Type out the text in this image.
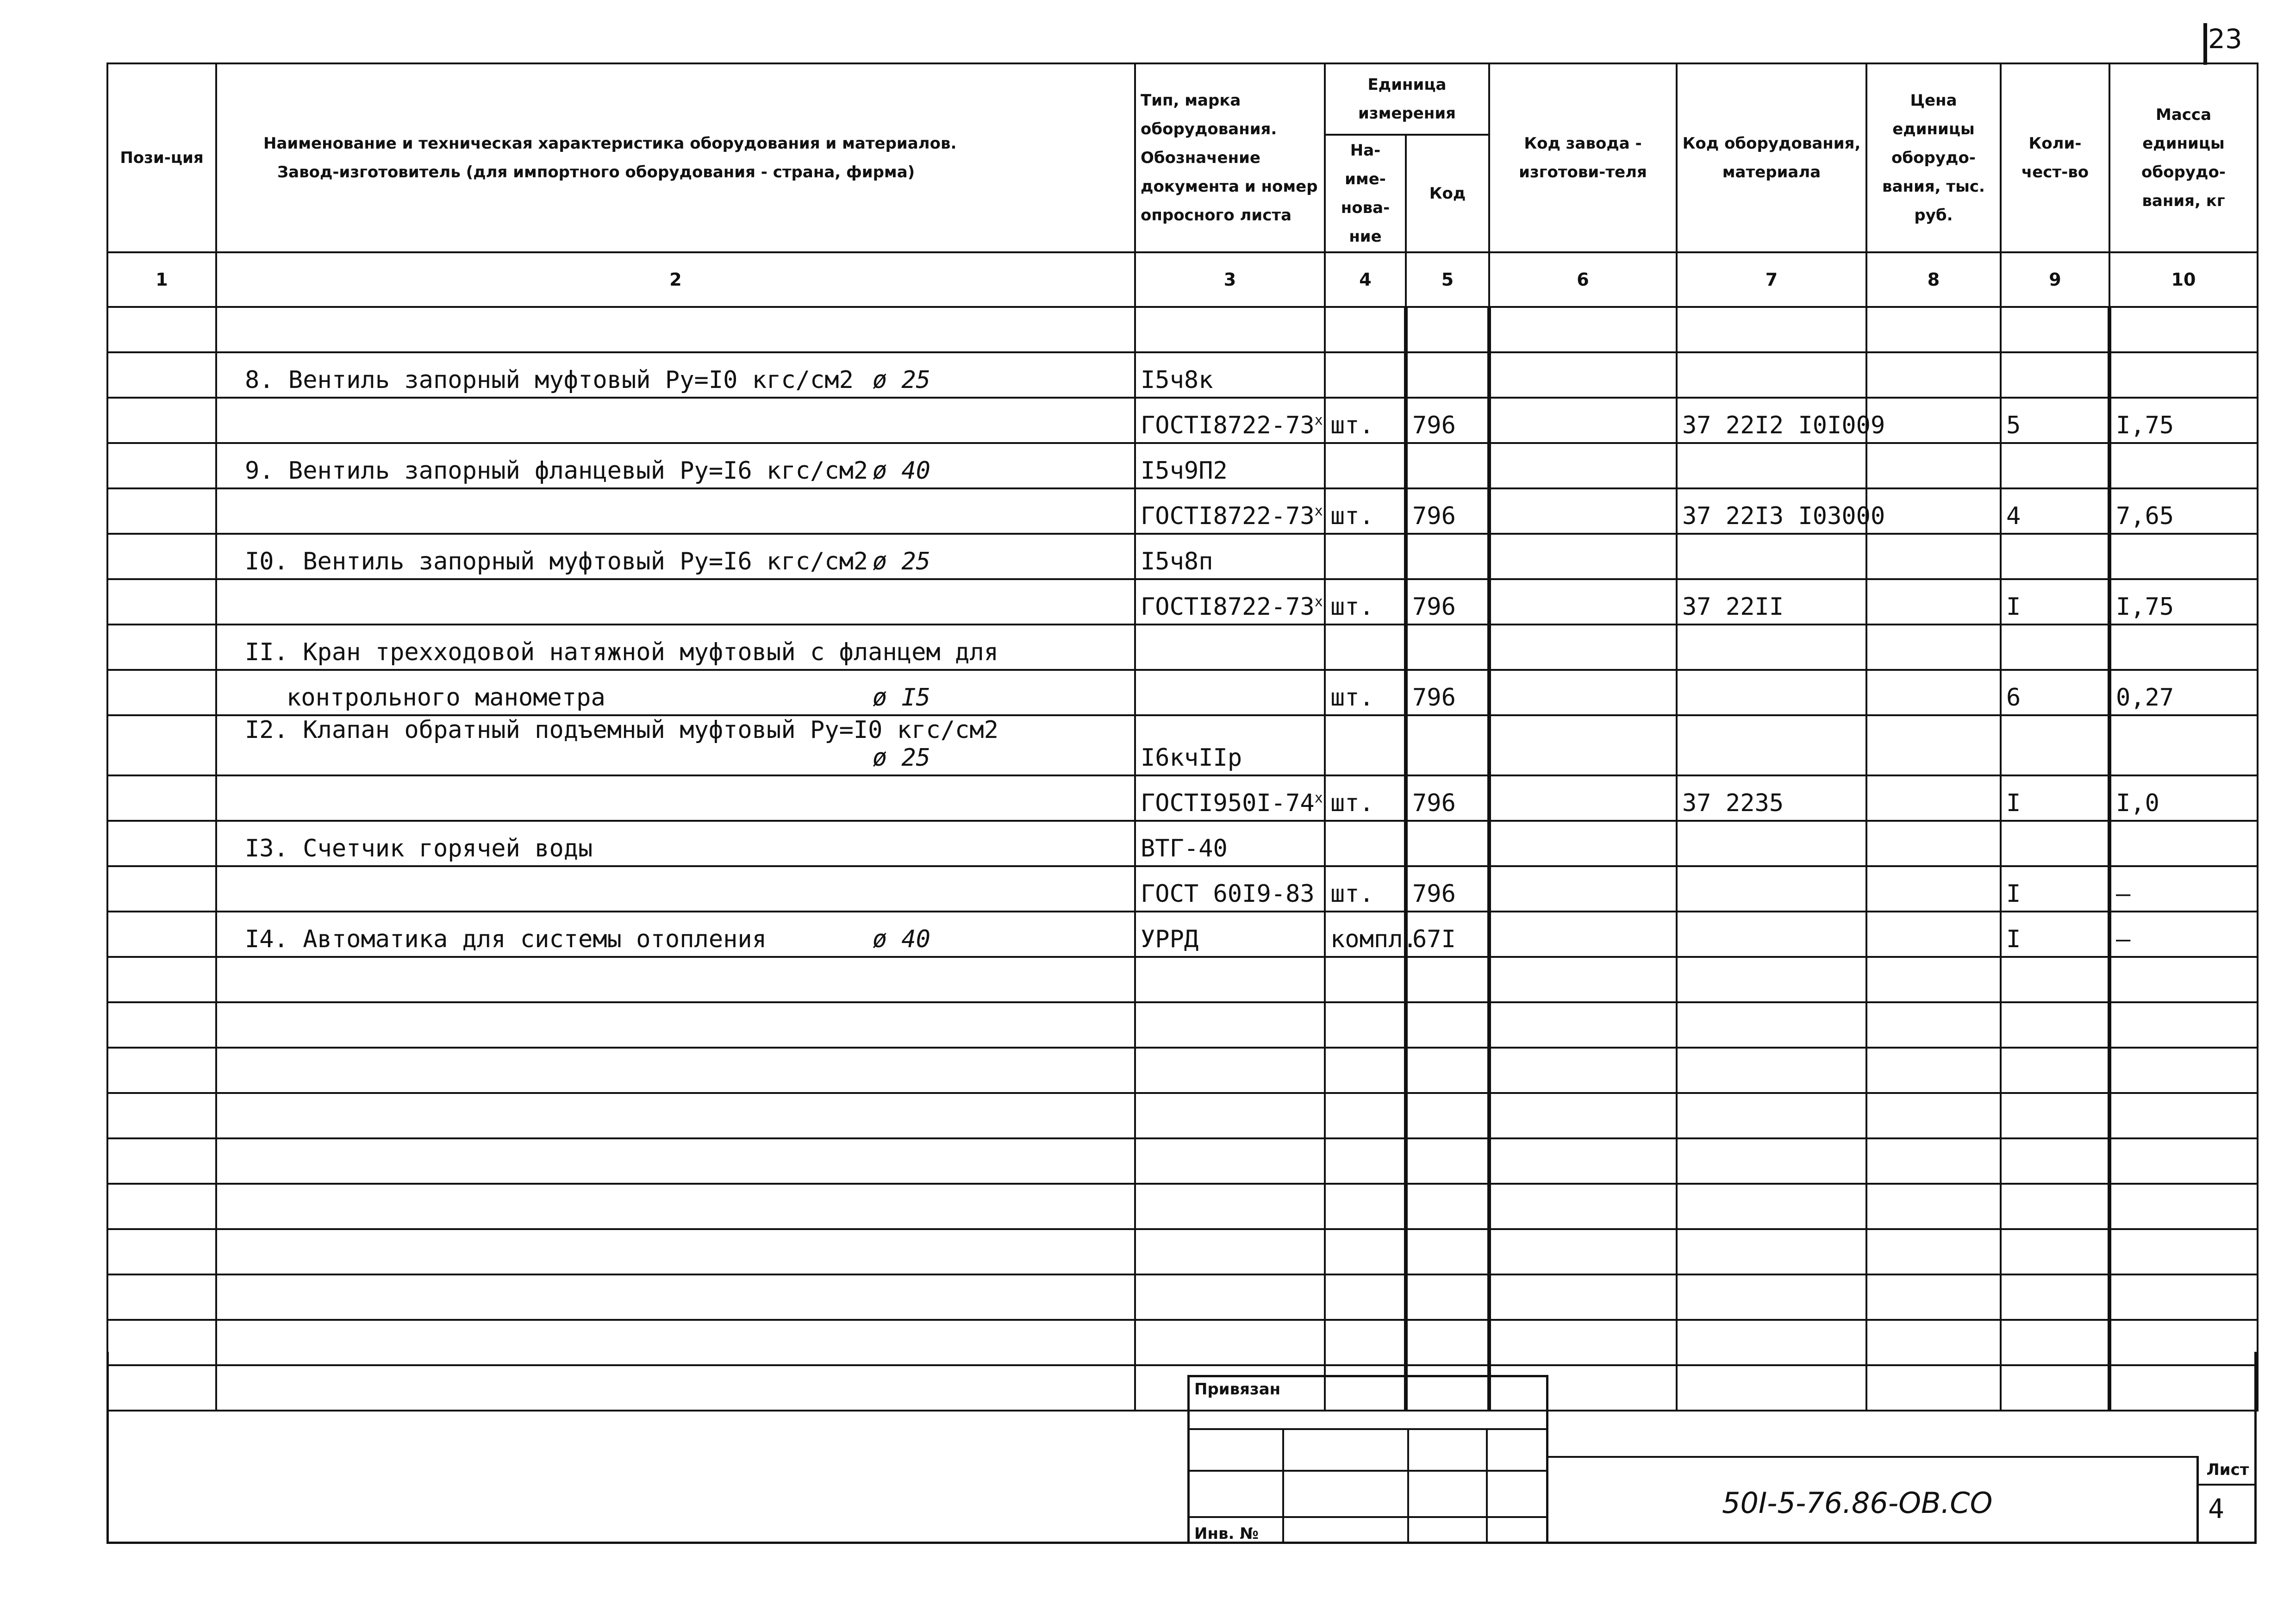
23
Пози-ция	Наименование и техническая характеристика оборудования и материалов.
Завод-изготовитель (для импортного оборудования - страна, фирма)	Тип, марка оборудования. Обозначение документа и номер опросного листа	Единица измерения		Код завода - изготови-теля	Код оборудования, материала	Цена единицы оборудо-вания, тыс. руб.	Коли-чест-во	Масса единицы оборудо-вания, кг
			На-име-нова-ние	Код					
1	2	3	4	5	6	7	8	9	10

	8. Вентиль запорный муфтовый Ру=I0 кгс/см2 ø 25	I5ч8к							
		$ГОСТI8722-73^х$	шт.	796		37 22I2 I0I009		5	I,75
	9. Вентиль запорный фланцевый Ру=I6 кгс/см2 ø 40	I5ч9П2							
		$ГОСТI8722-73^х$	шт.	796		37 22I3 I03000		4	7,65
	I0. Вентиль запорный муфтовый Ру=I6 кгс/см2 ø 25	I5ч8п							
		$ГОСТI8722-73^х$	шт.	796		37 22II		I	I,75
	II. Кран трехходовой натяжной муфтовый с фланцем для								
	контрольного манометра ø I5		шт.	796				6	0,27
	I2. Клапан обратный подъемный муфтовый Ру=I0 кгс/см2
ø 25	I6кчIIр							
		$ГОСТI950I-74^х$	шт.	796		37 2235		I	I,0
	I3. Счетчик горячей воды	ВТГ-40							
		ГОСТ 60I9-83	шт.	796				I	–
	I4. Автоматика для системы отопления ø 40	УРРД	компл.	67I				I	–

Привязан
Инв. №
50I-5-76.86-ОВ.СО
Лист
4
